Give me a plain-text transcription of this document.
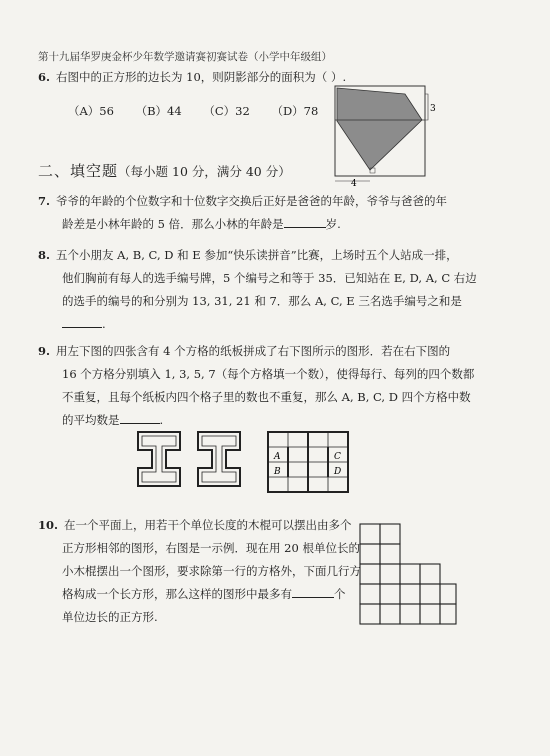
第十九届华罗庚金杯少年数学邀请赛初赛试卷（小学中年级组）
6. 右图中的正方形的边长为 10，则阴影部分的面积为（ ）.
（A）56 （B）44 （C）32 （D）78	3
4
二、填空题（每小题 10 分，满分 40 分）
7. 爷爷的年龄的个位数字和十位数字交换后正好是爸爸的年龄，爷爷与爸爸的年
龄差是小林年龄的 5 倍．那么小林的年龄是	岁.
8. 五个小朋友 A, B, C, D 和 E 参加“快乐读拼音”比赛，上场时五个人站成一排，
他们胸前有每人的选手编号牌，5 个编号之和等于 35．已知站在 E, D, A, C 右边
的选手的编号的和分别为 13, 31, 21 和 7．那么 A, C, E 三名选手编号之和是
.
9. 用左下图的四张含有 4 个方格的纸板拼成了右下图所示的图形．若在右下图的
16 个方格分别填入 1, 3, 5, 7（每个方格填一个数），使得每行、每列的四个数都
不重复，且每个纸板内四个格子里的数也不重复，那么 A, B, C, D 四个方格中数
的平均数是	.
A
B
C
D
10. 在一个平面上，用若干个单位长度的木棍可以摆出由多个
正方形相邻的图形，右图是一示例．现在用 20 根单位长的
小木棍摆出一个图形，要求除第一行的方格外，下面几行方
格构成一个长方形，那么这样的图形中最多有	个
单位边长的正方形.
